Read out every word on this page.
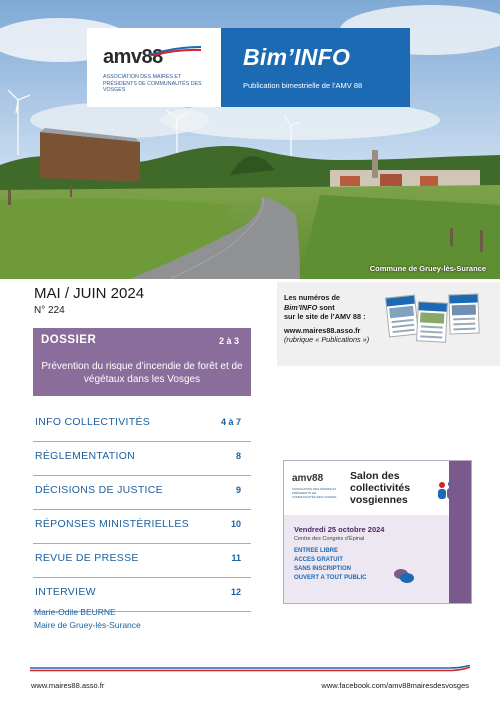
Commune de Gruey-lès-Surance
amv88
ASSOCIATION DES MAIRES ET PRÉSIDENTS DE COMMUNAUTÉS DES VOSGES
Bim’INFO
Publication bimestrielle de l’AMV 88
MAI / JUIN 2024
N° 224
DOSSIER	2 à 3
Prévention du risque d’incendie de forêt et de végétaux dans les Vosges
INFO COLLECTIVITÉS	4 à 7
RÉGLEMENTATION	8
DÉCISIONS DE JUSTICE	9
RÉPONSES MINISTÉRIELLES	10
REVUE DE PRESSE	11
INTERVIEW	12
Marie-Odile BEURNE
Maire de Gruey-lès-Surance
Les numéros de
Bim’INFO sont
sur le site de l’AMV 88 :
www.maires88.asso.fr
(rubrique « Publications »)
amv88
ASSOCIATION DES MAIRES ET PRÉSIDENTS DE COMMUNAUTÉS DES VOSGES
Salon des
collectivités
vosgiennes
Vendredi 25 octobre 2024
Centre des Congrès d’Épinal
ENTREE LIBRE
ACCES GRATUIT
SANS INSCRIPTION
OUVERT A TOUT PUBLIC
www.maires88.asso.fr	www.facebook.com/amv88mairesdesvosges
